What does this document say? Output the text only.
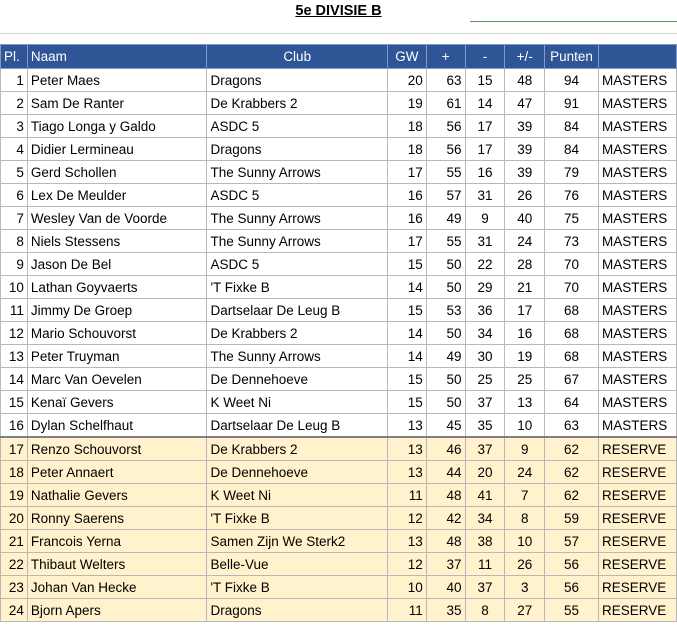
5e DIVISIE B
Pl.	Naam	Club	GW	+	-	+/-	Punten	
1	Peter Maes	Dragons	20	63	15	48	94	MASTERS
2	Sam De Ranter	De Krabbers 2	19	61	14	47	91	MASTERS
3	Tiago Longa y Galdo	ASDC 5	18	56	17	39	84	MASTERS
4	Didier Lermineau	Dragons	18	56	17	39	84	MASTERS
5	Gerd Schollen	The Sunny Arrows	17	55	16	39	79	MASTERS
6	Lex De Meulder	ASDC 5	16	57	31	26	76	MASTERS
7	Wesley Van de Voorde	The Sunny Arrows	16	49	9	40	75	MASTERS
8	Niels Stessens	The Sunny Arrows	17	55	31	24	73	MASTERS
9	Jason De Bel	ASDC 5	15	50	22	28	70	MASTERS
10	Lathan Goyvaerts	'T Fixke B	14	50	29	21	70	MASTERS
11	Jimmy De Groep	Dartselaar De Leug B	15	53	36	17	68	MASTERS
12	Mario Schouvorst	De Krabbers 2	14	50	34	16	68	MASTERS
13	Peter Truyman	The Sunny Arrows	14	49	30	19	68	MASTERS
14	Marc Van Oevelen	De Dennehoeve	15	50	25	25	67	MASTERS
15	Kenaï Gevers	K Weet Ni	15	50	37	13	64	MASTERS
16	Dylan Schelfhaut	Dartselaar De Leug B	13	45	35	10	63	MASTERS
17	Renzo Schouvorst	De Krabbers 2	13	46	37	9	62	RESERVE
18	Peter Annaert	De Dennehoeve	13	44	20	24	62	RESERVE
19	Nathalie Gevers	K Weet Ni	11	48	41	7	62	RESERVE
20	Ronny Saerens	'T Fixke B	12	42	34	8	59	RESERVE
21	Francois Yerna	Samen Zijn We Sterk2	13	48	38	10	57	RESERVE
22	Thibaut Welters	Belle-Vue	12	37	11	26	56	RESERVE
23	Johan Van Hecke	'T Fixke B	10	40	37	3	56	RESERVE
24	Bjorn Apers	Dragons	11	35	8	27	55	RESERVE
